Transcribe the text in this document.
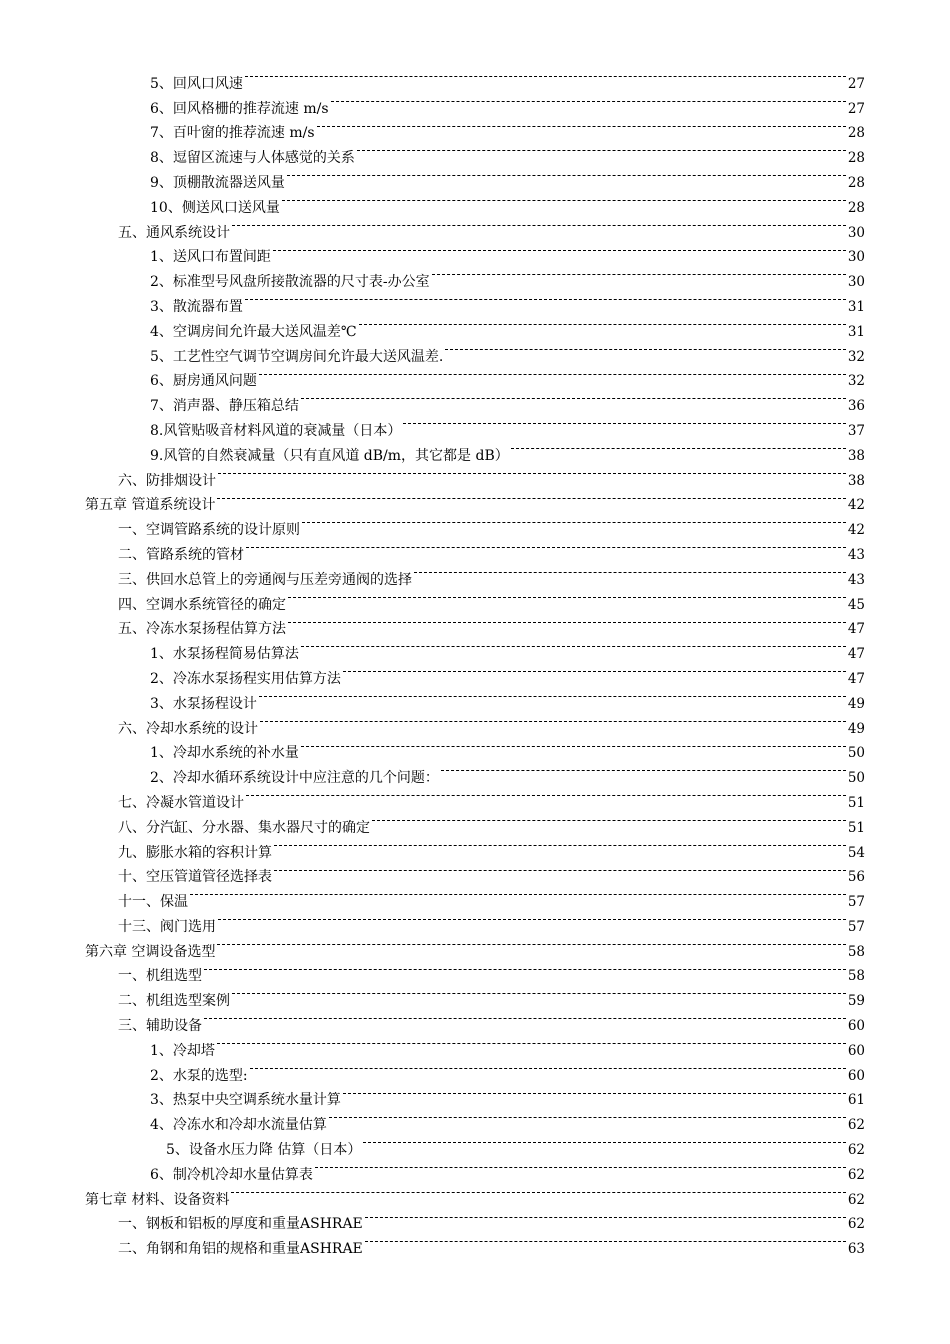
5、回风口风速	27
6、回风格栅的推荐流速 m/s	27
7、百叶窗的推荐流速 m/s	28
8、逗留区流速与人体感觉的关系	28
9、顶棚散流器送风量	28
10、侧送风口送风量	28
五、通风系统设计	30
1、送风口布置间距	30
2、标准型号风盘所接散流器的尺寸表-办公室	30
3、散流器布置	31
4、空调房间允许最大送风温差℃	31
5、工艺性空气调节空调房间允许最大送风温差.	32
6、厨房通风问题	32
7、消声器、静压箱总结	36
8.风管贴吸音材料风道的衰减量（日本）	37
9.风管的自然衰减量（只有直风道 dB/m，其它都是 dB）	38
六、防排烟设计	38
第五章 管道系统设计	42
一、空调管路系统的设计原则	42
二、管路系统的管材	43
三、供回水总管上的旁通阀与压差旁通阀的选择	43
四、空调水系统管径的确定	45
五、冷冻水泵扬程估算方法	47
1、水泵扬程简易估算法	47
2、冷冻水泵扬程实用估算方法	47
3、水泵扬程设计	49
六、冷却水系统的设计	49
1、冷却水系统的补水量	50
2、冷却水循环系统设计中应注意的几个问题：	50
七、冷凝水管道设计	51
八、分汽缸、分水器、集水器尺寸的确定	51
九、膨胀水箱的容积计算	54
十、空压管道管径选择表	56
十一、保温	57
十三、阀门选用	57
第六章 空调设备选型	58
一、机组选型	58
二、机组选型案例	59
三、辅助设备	60
1、冷却塔	60
2、水泵的选型:	60
3、热泵中央空调系统水量计算	61
4、冷冻水和冷却水流量估算	62
5、设备水压力降 估算（日本）	62
6、制冷机冷却水量估算表	62
第七章 材料、设备资料	62
一、钢板和铝板的厚度和重量ASHRAE	62
二、角钢和角铝的规格和重量ASHRAE	63
